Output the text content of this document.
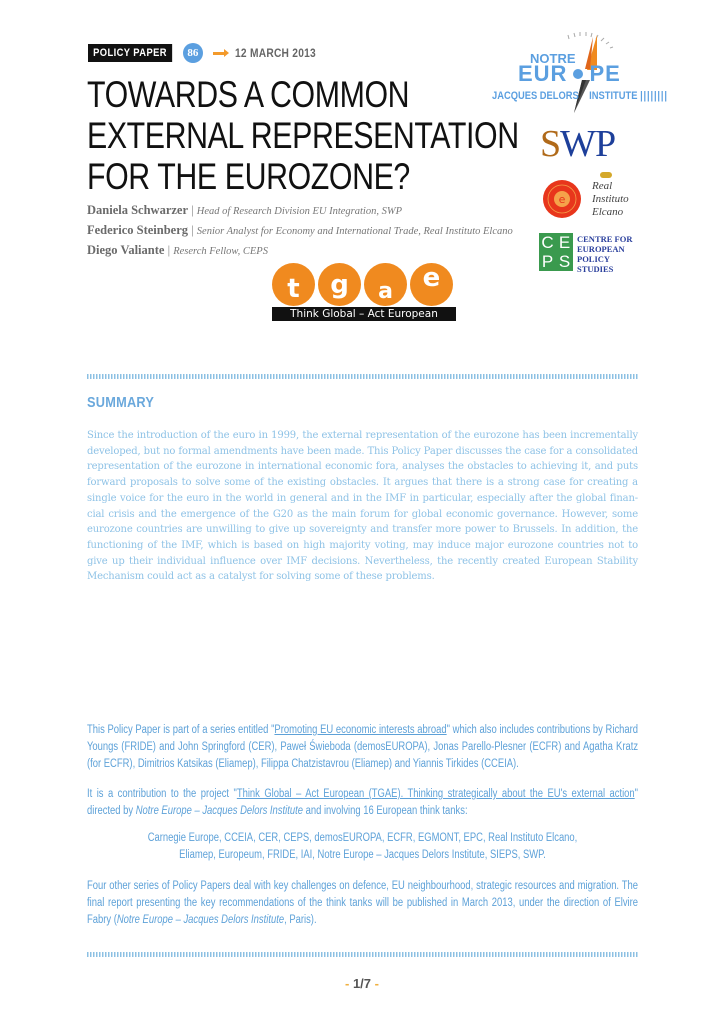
POLICY PAPER	86	12 MARCH 2013
TOWARDS A COMMON
EXTERNAL REPRESENTATION
FOR THE EUROZONE?
Daniela Schwarzer | Head of Research Division EU Integration, SWP
Federico Steinberg | Senior Analyst for Economy and International Trade, Real Instituto Elcano
Diego Valiante | Reserch Fellow, CEPS
NOTRE
EUR PE
JACQUES DELORS INSTITUTE ||||||||
SWP
e
Real
Instituto
Elcano
C E
P S
CENTRE FOR
EUROPEAN
POLICY
STUDIES
t	g	a	e
Think Global – Act European
SUMMARY
Since the introduction of the euro in 1999, the external representation of the eurozone has been incrementally developed, but no formal amendments have been made. This Policy Paper discusses the case for a consolidated representation of the eurozone in international economic fora, analyses the obstacles to achieving it, and puts forward proposals to solve some of the existing obstacles. It argues that there is a strong case for creating a single voice for the euro in the world in general and in the IMF in particular, especially after the global finan-cial crisis and the emergence of the G20 as the main forum for global economic governance. However, some eurozone countries are unwilling to give up sovereignty and transfer more power to Brussels. In addition, the functioning of the IMF, which is based on high majority voting, may induce major eurozone countries not to give up their individual influence over IMF decisions. Nevertheless, the recently created European Stability Mechanism could act as a catalyst for solving some of these problems.
This Policy Paper is part of a series entitled "Promoting EU economic interests abroad" which also includes contributions by Richard Youngs (FRIDE) and John Springford (CER), Paweł Świeboda (demosEUROPA), Jonas Parello-Plesner (ECFR) and Agatha Kratz (for ECFR), Dimitrios Katsikas (Eliamep), Filippa Chatzistavrou (Eliamep) and Yiannis Tirkides (CCEIA).
It is a contribution to the project "Think Global – Act European (TGAE). Thinking strategically about the EU's external action" directed by Notre Europe – Jacques Delors Institute and involving 16 European think tanks:
Carnegie Europe, CCEIA, CER, CEPS, demosEUROPA, ECFR, EGMONT, EPC, Real Instituto Elcano,
Eliamep, Europeum, FRIDE, IAI, Notre Europe – Jacques Delors Institute, SIEPS, SWP.
Four other series of Policy Papers deal with key challenges on defence, EU neighbourhood, strategic resources and migration. The final report presenting the key recommendations of the think tanks will be published in March 2013, under the direction of Elvire Fabry (Notre Europe – Jacques Delors Institute, Paris).
- 1/7 -
